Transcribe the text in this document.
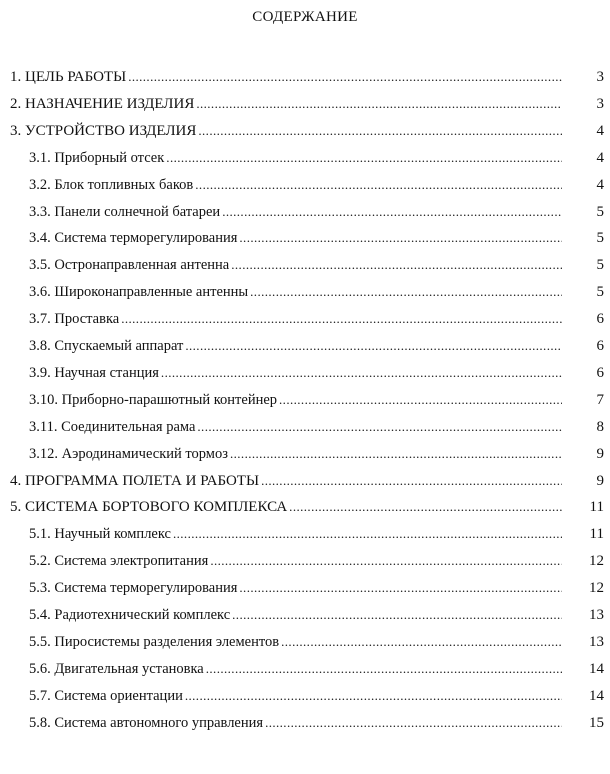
СОДЕРЖАНИЕ
1. ЦЕЛЬ РАБОТЫ .....	3
2. НАЗНАЧЕНИЕ ИЗДЕЛИЯ .....	3
3. УСТРОЙСТВО ИЗДЕЛИЯ .....	4
3.1. Приборный отсек .....	4
3.2. Блок топливных баков .....	4
3.3. Панели солнечной батареи .....	5
3.4. Система терморегулирования .....	5
3.5. Остронаправленная антенна .....	5
3.6. Широконаправленные антенны .....	5
3.7. Проставка .....	6
3.8. Спускаемый аппарат .....	6
3.9. Научная станция .....	6
3.10. Приборно-парашютный контейнер .....	7
3.11. Соединительная рама .....	8
3.12. Аэродинамический тормоз .....	9
4. ПРОГРАММА ПОЛЕТА И РАБОТЫ .....	9
5. СИСТЕМА БОРТОВОГО КОМПЛЕКСА .....	11
5.1. Научный комплекс .....	11
5.2. Система электропитания .....	12
5.3. Система терморегулирования .....	12
5.4. Радиотехнический комплекс .....	13
5.5. Пиросистемы разделения элементов .....	13
5.6. Двигательная установка .....	14
5.7. Система ориентации .....	14
5.8. Система автономного управления .....	15
